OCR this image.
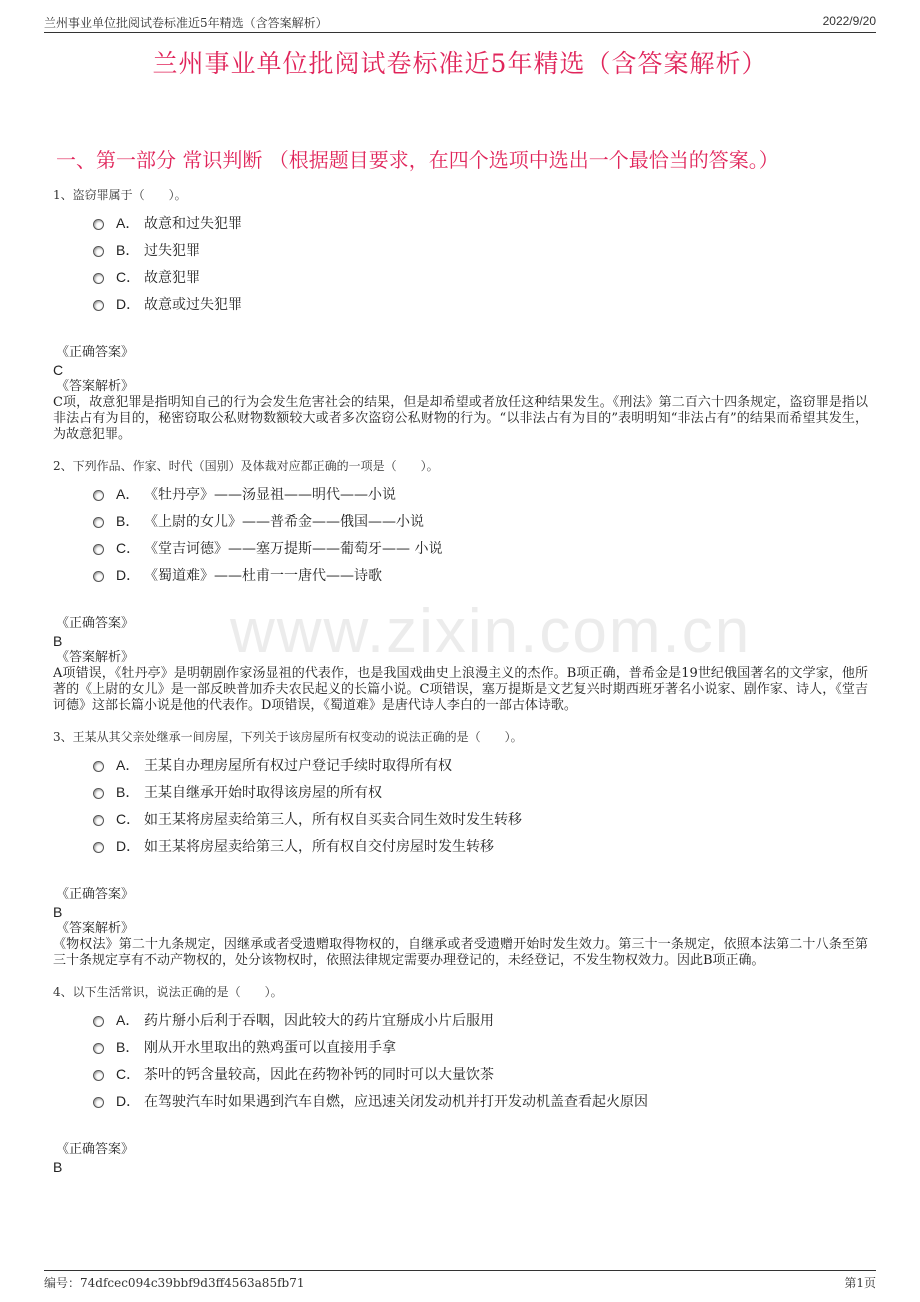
兰州事业单位批阅试卷标准近5年精选（含答案解析）	2022/9/20
兰州事业单位批阅试卷标准近5年精选（含答案解析）
一、第一部分 常识判断 （根据题目要求，在四个选项中选出一个最恰当的答案。）
www.zixin.com.cn
1、盗窃罪属于（　　）。
A． 故意和过失犯罪
B． 过失犯罪
C． 故意犯罪
D． 故意或过失犯罪
《正确答案》
C
《答案解析》
C项，故意犯罪是指明知自己的行为会发生危害社会的结果，但是却希望或者放任这种结果发生。《刑法》第二百六十四条规定，盗窃罪是指以非法占有为目的，秘密窃取公私财物数额较大或者多次盗窃公私财物的行为。“以非法占有为目的”表明明知“非法占有”的结果而希望其发生，为故意犯罪。
2、下列作品、作家、时代（国别）及体裁对应都正确的一项是（　　）。
A． 《牡丹亭》——汤显祖——明代——小说
B． 《上尉的女儿》——普希金——俄国——小说
C． 《堂吉诃德》——塞万提斯——葡萄牙—— 小说
D． 《蜀道难》——杜甫一一唐代——诗歌
《正确答案》
B
《答案解析》
A项错误，《牡丹亭》是明朝剧作家汤显祖的代表作，也是我国戏曲史上浪漫主义的杰作。B项正确，普希金是19世纪俄国著名的文学家，他所著的《上尉的女儿》是一部反映普加乔夫农民起义的长篇小说。C项错误，塞万提斯是文艺复兴时期西班牙著名小说家、剧作家、诗人，《堂吉诃德》这部长篇小说是他的代表作。D项错误，《蜀道难》是唐代诗人李白的一部古体诗歌。
3、王某从其父亲处继承一间房屋，下列关于该房屋所有权变动的说法正确的是（　　）。
A． 王某自办理房屋所有权过户登记手续时取得所有权
B． 王某自继承开始时取得该房屋的所有权
C． 如王某将房屋卖给第三人，所有权自买卖合同生效时发生转移
D． 如王某将房屋卖给第三人，所有权自交付房屋时发生转移
《正确答案》
B
《答案解析》
《物权法》第二十九条规定，因继承或者受遗赠取得物权的，自继承或者受遗赠开始时发生效力。第三十一条规定，依照本法第二十八条至第三十条规定享有不动产物权的，处分该物权时，依照法律规定需要办理登记的，未经登记，不发生物权效力。因此B项正确。
4、以下生活常识，说法正确的是（　　）。
A． 药片掰小后利于吞咽，因此较大的药片宜掰成小片后服用
B． 刚从开水里取出的熟鸡蛋可以直接用手拿
C． 茶叶的钙含量较高，因此在药物补钙的同时可以大量饮茶
D． 在驾驶汽车时如果遇到汽车自燃，应迅速关闭发动机并打开发动机盖查看起火原因
《正确答案》
B
编号：74dfcec094c39bbf9d3ff4563a85fb71	第1页
